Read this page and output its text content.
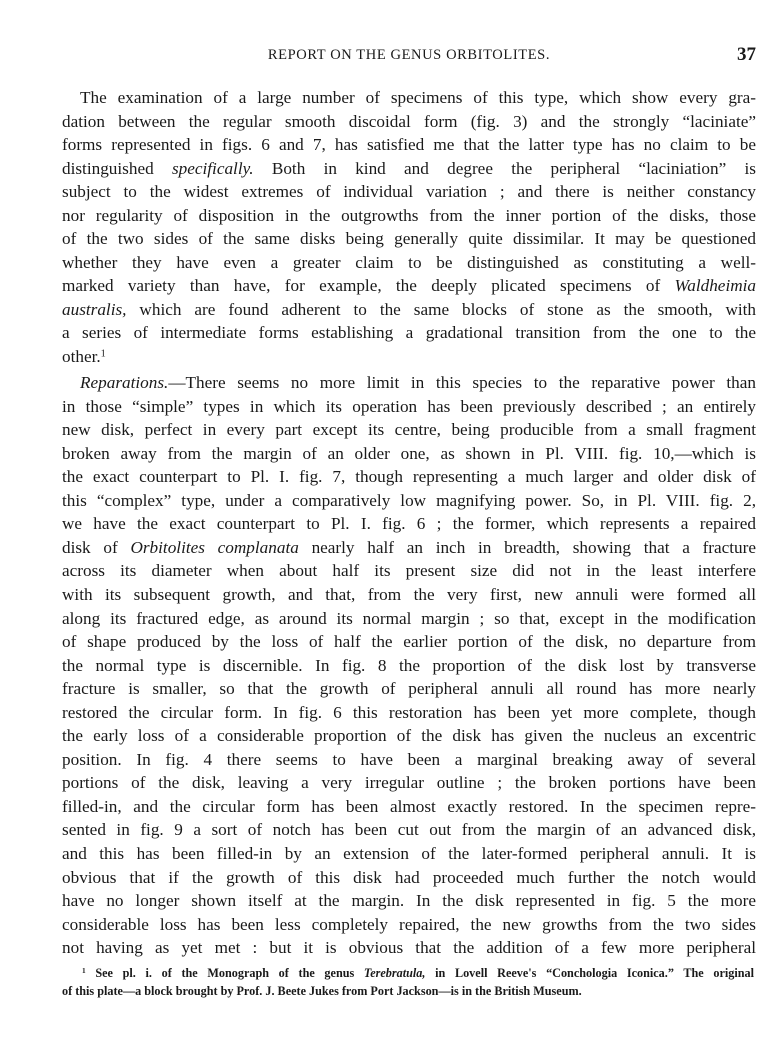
REPORT ON THE GENUS ORBITOLITES.	37
The examination of a large number of specimens of this type, which show every gra-
dation between the regular smooth discoidal form (fig. 3) and the strongly “laciniate”
forms represented in figs. 6 and 7, has satisfied me that the latter type has no claim to be
distinguished specifically. Both in kind and degree the peripheral “laciniation” is
subject to the widest extremes of individual variation ; and there is neither constancy
nor regularity of disposition in the outgrowths from the inner portion of the disks, those
of the two sides of the same disks being generally quite dissimilar. It may be questioned
whether they have even a greater claim to be distinguished as constituting a well-
marked variety than have, for example, the deeply plicated specimens of Waldheimia
australis, which are found adherent to the same blocks of stone as the smooth, with
a series of intermediate forms establishing a gradational transition from the one to the
other.$^1$
Reparations.—There seems no more limit in this species to the reparative power than
in those “simple” types in which its operation has been previously described ; an entirely
new disk, perfect in every part except its centre, being producible from a small fragment
broken away from the margin of an older one, as shown in Pl. VIII. fig. 10,—which is
the exact counterpart to Pl. I. fig. 7, though representing a much larger and older disk of
this “complex” type, under a comparatively low magnifying power. So, in Pl. VIII. fig. 2,
we have the exact counterpart to Pl. I. fig. 6 ; the former, which represents a repaired
disk of Orbitolites complanata nearly half an inch in breadth, showing that a fracture
across its diameter when about half its present size did not in the least interfere
with its subsequent growth, and that, from the very first, new annuli were formed all
along its fractured edge, as around its normal margin ; so that, except in the modification
of shape produced by the loss of half the earlier portion of the disk, no departure from
the normal type is discernible. In fig. 8 the proportion of the disk lost by transverse
fracture is smaller, so that the growth of peripheral annuli all round has more nearly
restored the circular form. In fig. 6 this restoration has been yet more complete, though
the early loss of a considerable proportion of the disk has given the nucleus an excentric
position. In fig. 4 there seems to have been a marginal breaking away of several
portions of the disk, leaving a very irregular outline ; the broken portions have been
filled-in, and the circular form has been almost exactly restored. In the specimen repre-
sented in fig. 9 a sort of notch has been cut out from the margin of an advanced disk,
and this has been filled-in by an extension of the later-formed peripheral annuli. It is
obvious that if the growth of this disk had proceeded much further the notch would
have no longer shown itself at the margin. In the disk represented in fig. 5 the more
considerable loss has been less completely repaired, the new growths from the two sides
not having as yet met : but it is obvious that the addition of a few more peripheral
$^1$ See pl. i. of the Monograph of the genus Terebratula, in Lovell Reeve's “Conchologia Iconica.” The original
of this plate—a block brought by Prof. J. Beete Jukes from Port Jackson—is in the British Museum.
